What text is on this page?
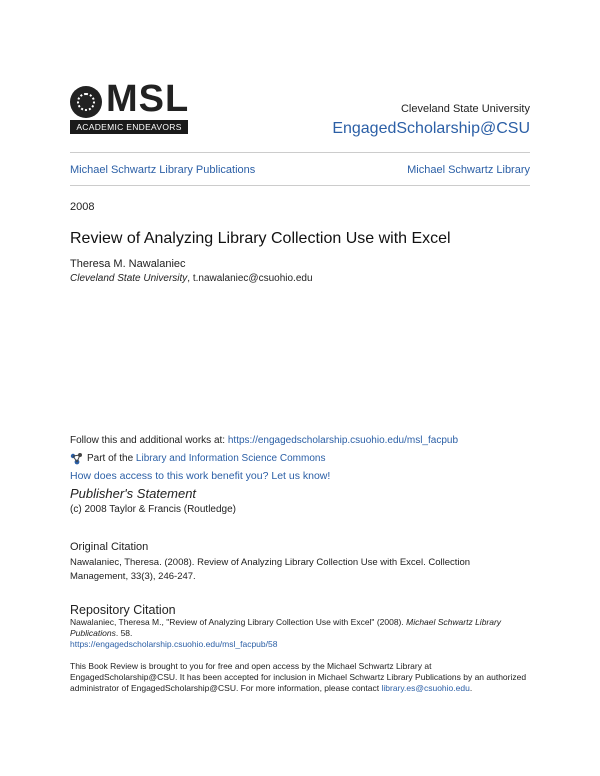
MSL
ACADEMIC ENDEAVORS
Cleveland State University
EngagedScholarship@CSU
Michael Schwartz Library Publications	Michael Schwartz Library
2008
Review of Analyzing Library Collection Use with Excel
Theresa M. Nawalaniec
Cleveland State University, t.nawalaniec@csuohio.edu
Follow this and additional works at: https://engagedscholarship.csuohio.edu/msl_facpub
Part of the
Library and Information Science Commons
How does access to this work benefit you? Let us know!
Publisher's Statement
(c) 2008 Taylor & Francis (Routledge)
Original Citation
Nawalaniec, Theresa. (2008). Review of Analyzing Library Collection Use with Excel. Collection Management, 33(3), 246-247.
Repository Citation
Nawalaniec, Theresa M., "Review of Analyzing Library Collection Use with Excel" (2008). Michael Schwartz Library Publications. 58.
https://engagedscholarship.csuohio.edu/msl_facpub/58
This Book Review is brought to you for free and open access by the Michael Schwartz Library at EngagedScholarship@CSU. It has been accepted for inclusion in Michael Schwartz Library Publications by an authorized administrator of EngagedScholarship@CSU. For more information, please contact library.es@csuohio.edu.
